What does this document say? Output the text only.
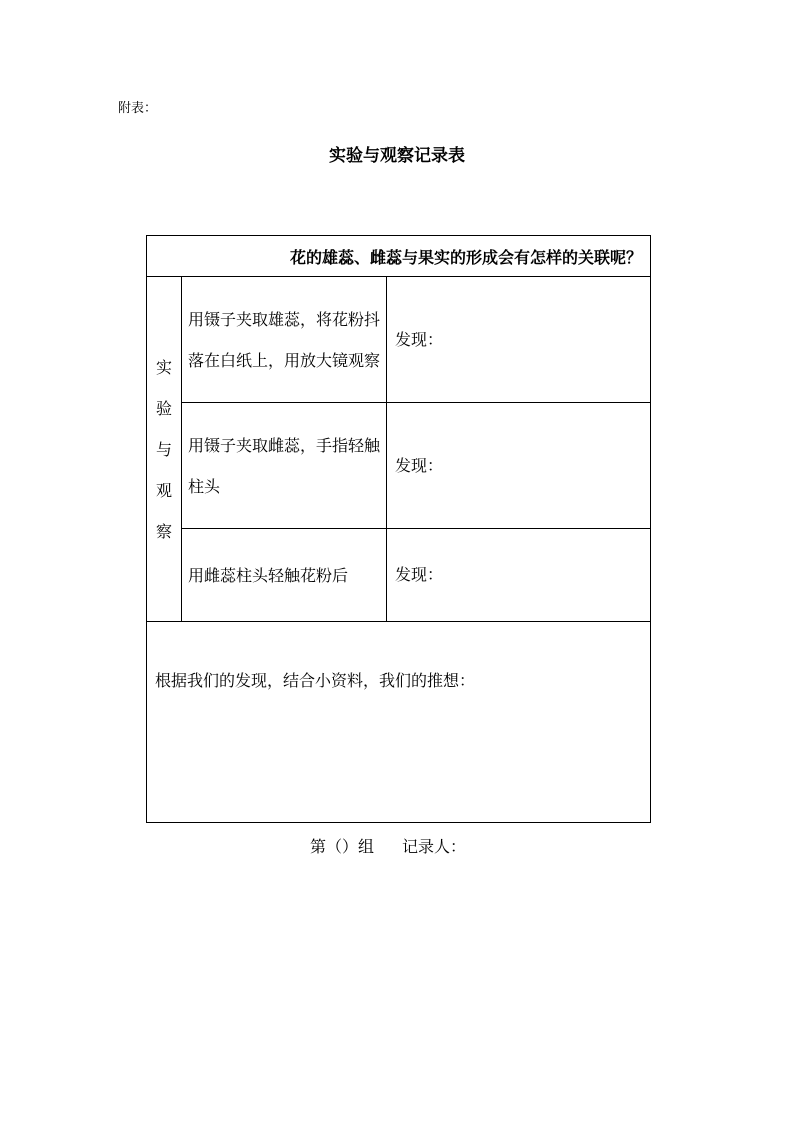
附表：
实验与观察记录表
花的雄蕊、雌蕊与果实的形成会有怎样的关联呢？		

实
验
与
观
察	用镊子夹取雄蕊，将花粉抖落在白纸上，用放大镜观察	发现：
	用镊子夹取雌蕊，手指轻触柱头	发现：
	用雌蕊柱头轻触花粉后	发现：

根据我们的发现，结合小资料，我们的推想：		
第（）组 记录人：
